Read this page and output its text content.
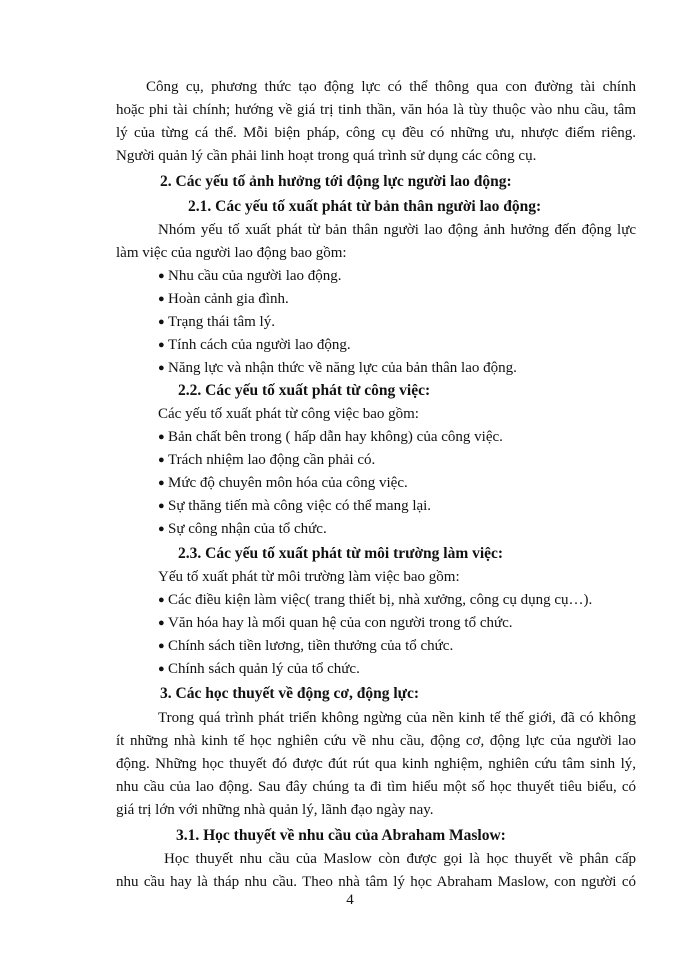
Công cụ, phương thức tạo động lực có thể thông qua con đường tài chính
hoặc phi tài chính; hướng về giá trị tinh thần, văn hóa là tùy thuộc vào nhu cầu, tâm
lý của từng cá thể. Mỗi biện pháp, công cụ đều có những ưu, nhược điểm riêng.
Người quản lý cần phải linh hoạt trong quá trình sử dụng các công cụ.
2. Các yếu tố ảnh hưởng tới động lực người lao động:
2.1. Các yếu tố xuất phát từ bản thân người lao động:
Nhóm yếu tố xuất phát từ bản thân người lao động ảnh hưởng đến động lực
làm việc của người lao động bao gồm:
● Nhu cầu của người lao động.
● Hoàn cảnh gia đình.
● Trạng thái tâm lý.
● Tính cách của người lao động.
● Năng lực và nhận thức về năng lực của bản thân lao động.
2.2. Các yếu tố xuất phát từ công việc:
Các yếu tố xuất phát từ công việc bao gồm:
● Bản chất bên trong ( hấp dẫn hay không) của công việc.
● Trách nhiệm lao động cần phải có.
● Mức độ chuyên môn hóa của công việc.
● Sự thăng tiến mà công việc có thể mang lại.
● Sự công nhận của tổ chức.
2.3. Các yếu tố xuất phát từ môi trường làm việc:
Yếu tố xuất phát từ môi trường làm việc bao gồm:
● Các điều kiện làm việc( trang thiết bị, nhà xưởng, công cụ dụng cụ…).
● Văn hóa hay là mối quan hệ của con người trong tổ chức.
● Chính sách tiền lương, tiền thưởng của tổ chức.
● Chính sách quản lý của tổ chức.
3. Các học thuyết về động cơ, động lực:
Trong quá trình phát triển không ngừng của nền kinh tế thế giới, đã có không
ít những nhà kinh tế học nghiên cứu về nhu cầu, động cơ, động lực của người lao
động. Những học thuyết đó được đút rút qua kinh nghiệm, nghiên cứu tâm sinh lý,
nhu cầu của lao động. Sau đây chúng ta đi tìm hiểu một số học thuyết tiêu biểu, có
giá trị lớn với những nhà quản lý, lãnh đạo ngày nay.
3.1. Học thuyết về nhu cầu của Abraham Maslow:
Học thuyết nhu cầu của Maslow còn được gọi là học thuyết về phân cấp
nhu cầu hay là tháp nhu cầu. Theo nhà tâm lý học Abraham Maslow, con người có
4
